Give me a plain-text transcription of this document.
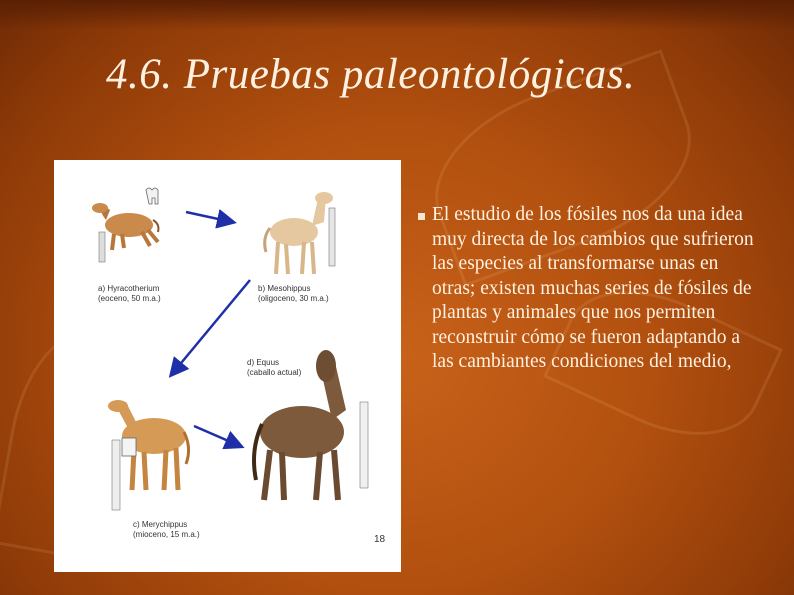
4.6. Pruebas paleontológicas.
a) Hyracotherium
(eoceno, 50 m.a.)
b) Mesohippus
(oligoceno, 30 m.a.)
d) Equus
(caballo actual)
c) Merychippus
(mioceno, 15 m.a.)	18
El estudio de los fósiles nos da una idea muy directa de los cambios que sufrieron las especies al transformarse unas en otras; existen muchas series de fósiles de plantas y animales que nos permiten reconstruir cómo se fueron adaptando a las cambiantes condiciones del medio,
